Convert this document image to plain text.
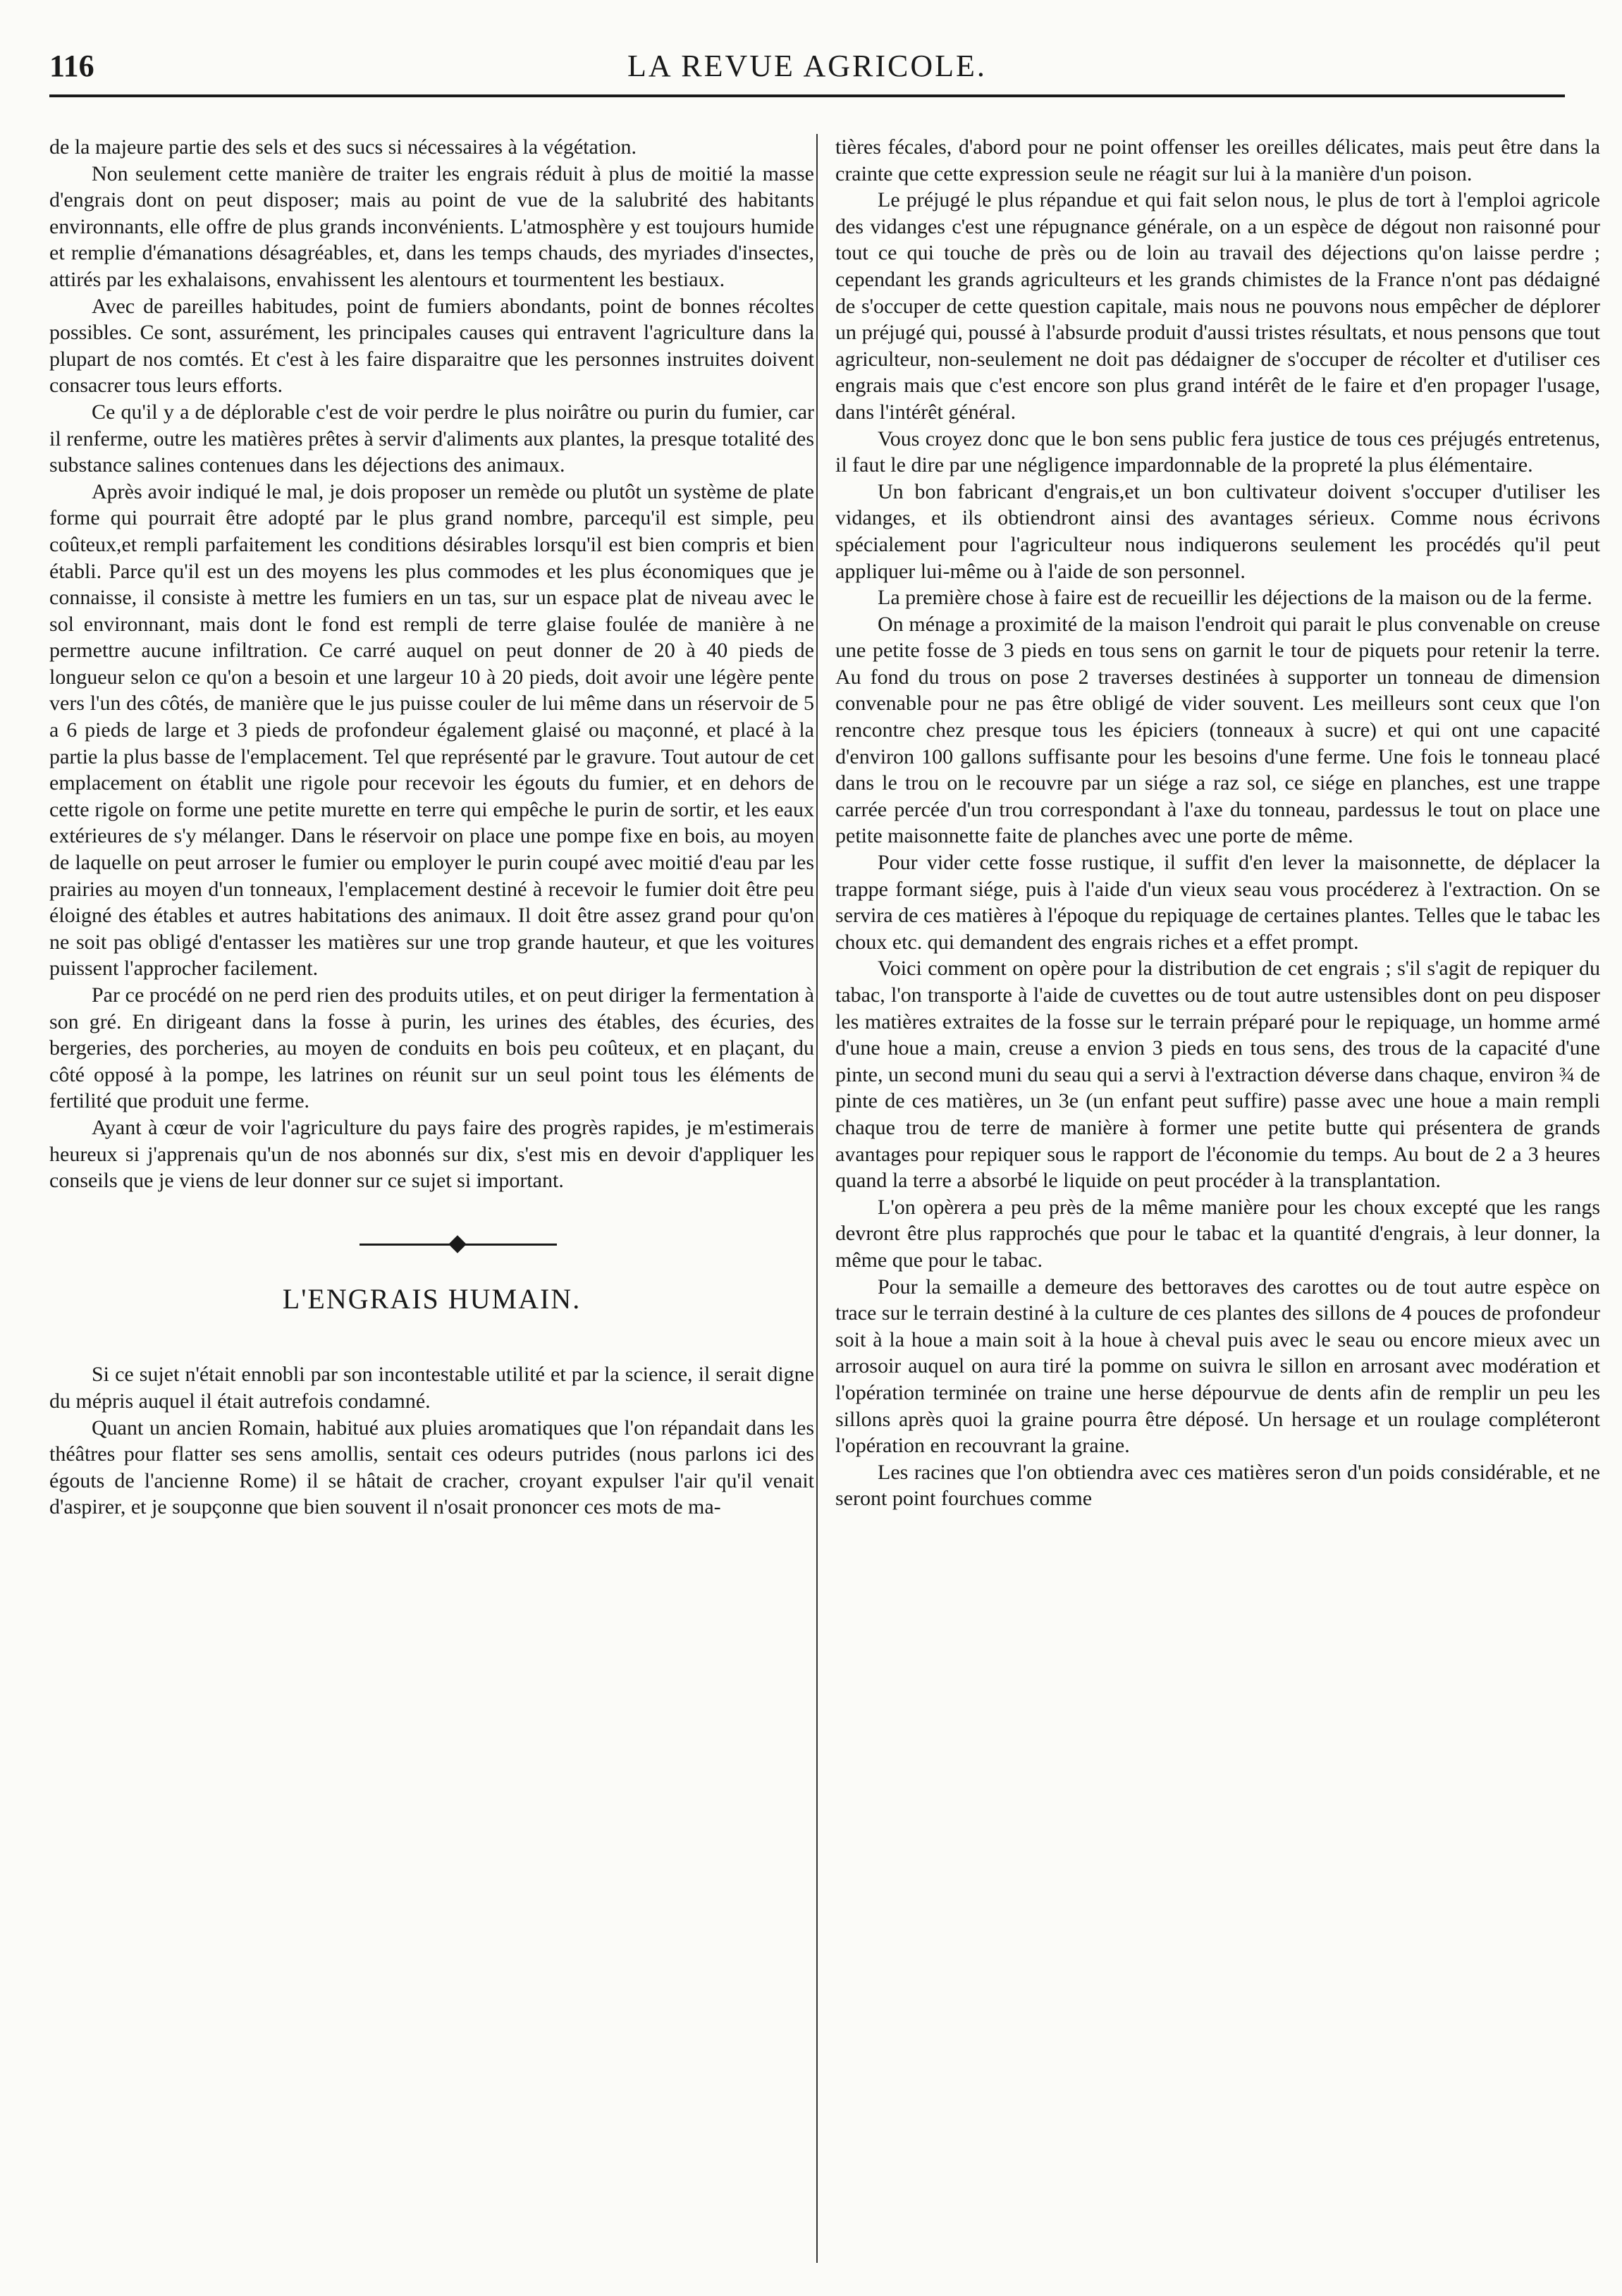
116	LA REVUE AGRICOLE.

de la majeure partie des sels et des sucs si nécessaires à la végétation.

Non seulement cette manière de traiter les engrais réduit à plus de moitié la masse d'engrais dont on peut disposer; mais au point de vue de la salubrité des habitants environnants, elle offre de plus grands inconvénients. L'atmosphère y est toujours humide et remplie d'émanations désagréables, et, dans les temps chauds, des myriades d'insectes, attirés par les exhalaisons, envahissent les alentours et tourmentent les bestiaux.

Avec de pareilles habitudes, point de fumiers abondants, point de bonnes récoltes possibles. Ce sont, assurément, les principales causes qui entravent l'agriculture dans la plupart de nos comtés. Et c'est à les faire disparaitre que les personnes instruites doivent consacrer tous leurs efforts.

Ce qu'il y a de déplorable c'est de voir perdre le plus noirâtre ou purin du fumier, car il renferme, outre les matières prêtes à servir d'aliments aux plantes, la presque totalité des substance salines contenues dans les déjections des animaux.

Après avoir indiqué le mal, je dois proposer un remède ou plutôt un système de plate forme qui pourrait être adopté par le plus grand nombre, parcequ'il est simple, peu coûteux,et rempli parfaitement les conditions désirables lorsqu'il est bien compris et bien établi. Parce qu'il est un des moyens les plus commodes et les plus économiques que je connaisse, il consiste à mettre les fumiers en un tas, sur un espace plat de niveau avec le sol environnant, mais dont le fond est rempli de terre glaise foulée de manière à ne permettre aucune infiltration. Ce carré auquel on peut donner de 20 à 40 pieds de longueur selon ce qu'on a besoin et une largeur 10 à 20 pieds, doit avoir une légère pente vers l'un des côtés, de manière que le jus puisse couler de lui même dans un réservoir de 5 a 6 pieds de large et 3 pieds de profondeur également glaisé ou maçonné, et placé à la partie la plus basse de l'emplacement. Tel que représenté par le gravure. Tout autour de cet emplacement on établit une rigole pour recevoir les égouts du fumier, et en dehors de cette rigole on forme une petite murette en terre qui empêche le purin de sortir, et les eaux extérieures de s'y mélanger. Dans le réservoir on place une pompe fixe en bois, au moyen de laquelle on peut arroser le fumier ou employer le purin coupé avec moitié d'eau par les prairies au moyen d'un tonneaux, l'emplacement destiné à recevoir le fumier doit être peu éloigné des étables et autres habitations des animaux. Il doit être assez grand pour qu'on ne soit pas obligé d'entasser les matières sur une trop grande hauteur, et que les voitures puissent l'approcher facilement.

Par ce procédé on ne perd rien des produits utiles, et on peut diriger la fermentation à son gré. En dirigeant dans la fosse à purin, les urines des étables, des écuries, des bergeries, des porcheries, au moyen de conduits en bois peu coûteux, et en plaçant, du côté opposé à la pompe, les latrines on réunit sur un seul point tous les éléments de fertilité que produit une ferme.

Ayant à cœur de voir l'agriculture du pays faire des progrès rapides, je m'estimerais heureux si j'apprenais qu'un de nos abonnés sur dix, s'est mis en devoir d'appliquer les conseils que je viens de leur donner sur ce sujet si important.

L'ENGRAIS HUMAIN.

Si ce sujet n'était ennobli par son incontestable utilité et par la science, il serait digne du mépris auquel il était autrefois condamné.

Quant un ancien Romain, habitué aux pluies aromatiques que l'on répandait dans les théâtres pour flatter ses sens amollis, sentait ces odeurs putrides (nous parlons ici des égouts de l'ancienne Rome) il se hâtait de cracher, croyant expulser l'air qu'il venait d'aspirer, et je soupçonne que bien souvent il n'osait prononcer ces mots de ma-

tières fécales, d'abord pour ne point offenser les oreilles délicates, mais peut être dans la crainte que cette expression seule ne réagit sur lui à la manière d'un poison.

Le préjugé le plus répandue et qui fait selon nous, le plus de tort à l'emploi agricole des vidanges c'est une répugnance générale, on a un espèce de dégout non raisonné pour tout ce qui touche de près ou de loin au travail des déjections qu'on laisse perdre ; cependant les grands agriculteurs et les grands chimistes de la France n'ont pas dédaigné de s'occuper de cette question capitale, mais nous ne pouvons nous empêcher de déplorer un préjugé qui, poussé à l'absurde produit d'aussi tristes résultats, et nous pensons que tout agriculteur, non-seulement ne doit pas dédaigner de s'occuper de récolter et d'utiliser ces engrais mais que c'est encore son plus grand intérêt de le faire et d'en propager l'usage, dans l'intérêt général.

Vous croyez donc que le bon sens public fera justice de tous ces préjugés entretenus, il faut le dire par une négligence impardonnable de la propreté la plus élémentaire.

Un bon fabricant d'engrais,et un bon cultivateur doivent s'occuper d'utiliser les vidanges, et ils obtiendront ainsi des avantages sérieux. Comme nous écrivons spécialement pour l'agriculteur nous indiquerons seulement les procédés qu'il peut appliquer lui-même ou à l'aide de son personnel.

La première chose à faire est de recueillir les déjections de la maison ou de la ferme.

On ménage a proximité de la maison l'endroit qui parait le plus convenable on creuse une petite fosse de 3 pieds en tous sens on garnit le tour de piquets pour retenir la terre. Au fond du trous on pose 2 traverses destinées à supporter un tonneau de dimension convenable pour ne pas être obligé de vider souvent. Les meilleurs sont ceux que l'on rencontre chez presque tous les épiciers (tonneaux à sucre) et qui ont une capacité d'environ 100 gallons suffisante pour les besoins d'une ferme. Une fois le tonneau placé dans le trou on le recouvre par un siége a raz sol, ce siége en planches, est une trappe carrée percée d'un trou correspondant à l'axe du tonneau, pardessus le tout on place une petite maisonnette faite de planches avec une porte de même.

Pour vider cette fosse rustique, il suffit d'en lever la maisonnette, de déplacer la trappe formant siége, puis à l'aide d'un vieux seau vous procéderez à l'extraction. On se servira de ces matières à l'époque du repiquage de certaines plantes. Telles que le tabac les choux etc. qui demandent des engrais riches et a effet prompt.

Voici comment on opère pour la distribution de cet engrais ; s'il s'agit de repiquer du tabac, l'on transporte à l'aide de cuvettes ou de tout autre ustensibles dont on peu disposer les matières extraites de la fosse sur le terrain préparé pour le repiquage, un homme armé d'une houe a main, creuse a envion 3 pieds en tous sens, des trous de la capacité d'une pinte, un second muni du seau qui a servi à l'extraction déverse dans chaque, environ ¾ de pinte de ces matières, un 3e (un enfant peut suffire) passe avec une houe a main rempli chaque trou de terre de manière à former une petite butte qui présentera de grands avantages pour repiquer sous le rapport de l'économie du temps. Au bout de 2 a 3 heures quand la terre a absorbé le liquide on peut procéder à la transplantation.

L'on opèrera a peu près de la même manière pour les choux excepté que les rangs devront être plus rapprochés que pour le tabac et la quantité d'engrais, à leur donner, la même que pour le tabac.

Pour la semaille a demeure des bettoraves des carottes ou de tout autre espèce on trace sur le terrain destiné à la culture de ces plantes des sillons de 4 pouces de profondeur soit à la houe a main soit à la houe à cheval puis avec le seau ou encore mieux avec un arrosoir auquel on aura tiré la pomme on suivra le sillon en arrosant avec modération et l'opération terminée on traine une herse dépourvue de dents afin de remplir un peu les sillons après quoi la graine pourra être déposé. Un hersage et un roulage compléteront l'opération en recouvrant la graine.

Les racines que l'on obtiendra avec ces matières seron d'un poids considérable, et ne seront point fourchues comme
